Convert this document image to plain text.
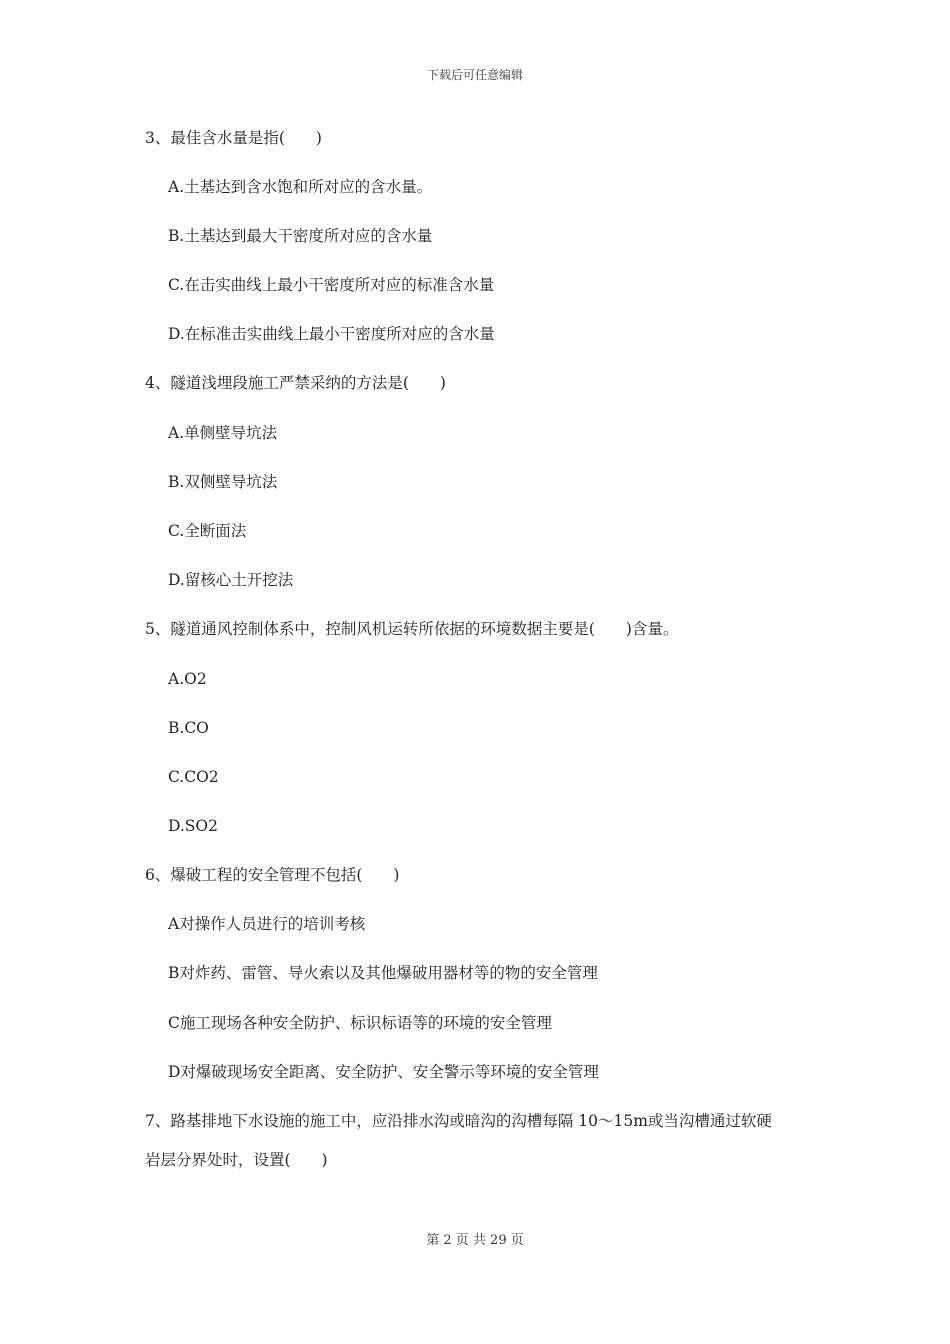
下载后可任意编辑
3、最佳含水量是指(　　)
A.土基达到含水饱和所对应的含水量。
B.土基达到最大干密度所对应的含水量
C.在击实曲线上最小干密度所对应的标准含水量
D.在标准击实曲线上最小干密度所对应的含水量
4、隧道浅埋段施工严禁采纳的方法是(　　)
A.单侧壁导坑法
B.双侧壁导坑法
C.全断面法
D.留核心土开挖法
5、隧道通风控制体系中，控制风机运转所依据的环境数据主要是(　　)含量。
A.O2
B.CO
C.CO2
D.SO2
6、爆破工程的安全管理不包括(　　)
A对操作人员进行的培训考核
B对炸药、雷管、导火索以及其他爆破用器材等的物的安全管理
C施工现场各种安全防护、标识标语等的环境的安全管理
D对爆破现场安全距离、安全防护、安全警示等环境的安全管理
7、路基排地下水设施的施工中，应沿排水沟或暗沟的沟槽每隔 10～15m或当沟槽通过软硬
岩层分界处时，设置(　　)
第 2 页 共 29 页
